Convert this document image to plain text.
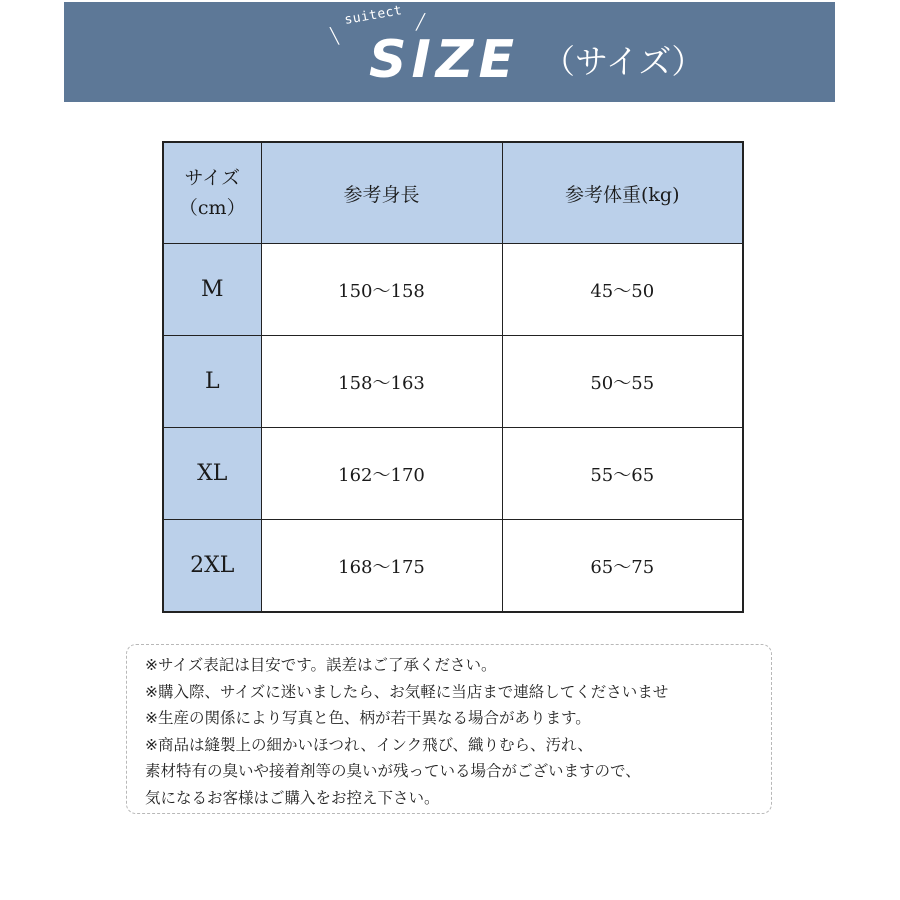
╲
suitect ╱
SIZE （サイズ）
サイズ
（cm）	参考身長	参考体重(kg)
M	150〜158	45〜50
L	158〜163	50〜55
XL	162〜170	55〜65
2XL	168〜175	65〜75
※サイズ表記は目安です。誤差はご了承ください。
※購入際、サイズに迷いましたら、お気軽に当店まで連絡してくださいませ
※生産の関係により写真と色、柄が若干異なる場合があります。
※商品は縫製上の細かいほつれ、インク飛び、織りむら、汚れ、
素材特有の臭いや接着剤等の臭いが残っている場合がございますので、
気になるお客様はご購入をお控え下さい。
